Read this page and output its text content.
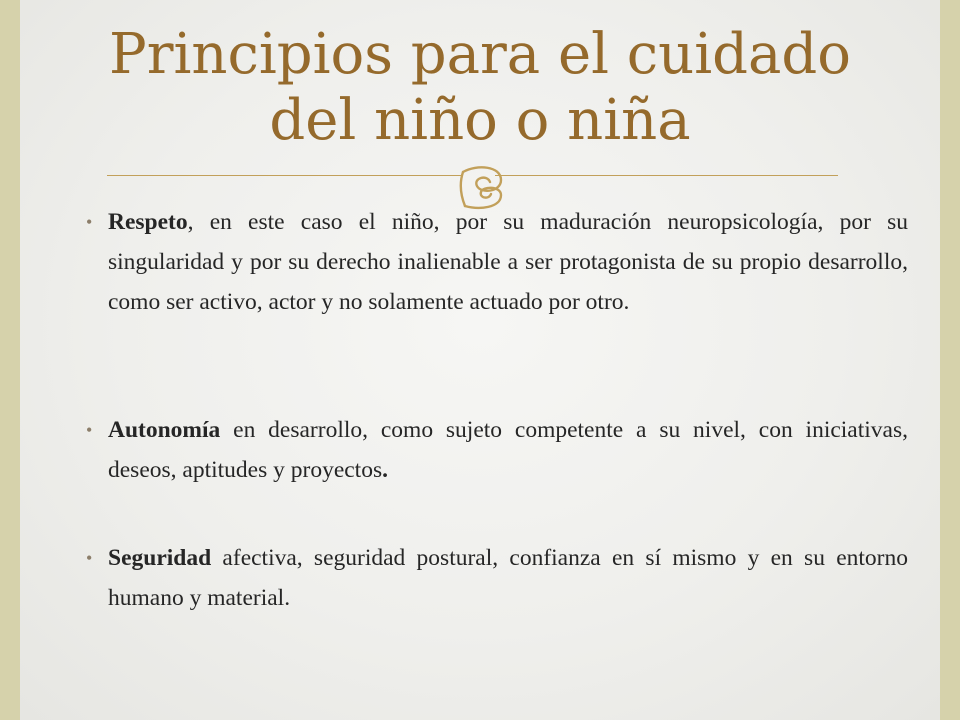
Principios para el cuidado
del niño o niña
• Respeto, en este caso el niño, por su maduración neuropsicología, por su singularidad y por su derecho inalienable a ser protagonista de su propio desarrollo, como ser activo, actor y no solamente actuado por otro.
• Autonomía en desarrollo, como sujeto competente a su nivel, con iniciativas, deseos, aptitudes y proyectos.
• Seguridad afectiva, seguridad postural, confianza en sí mismo y en su entorno humano y material.
